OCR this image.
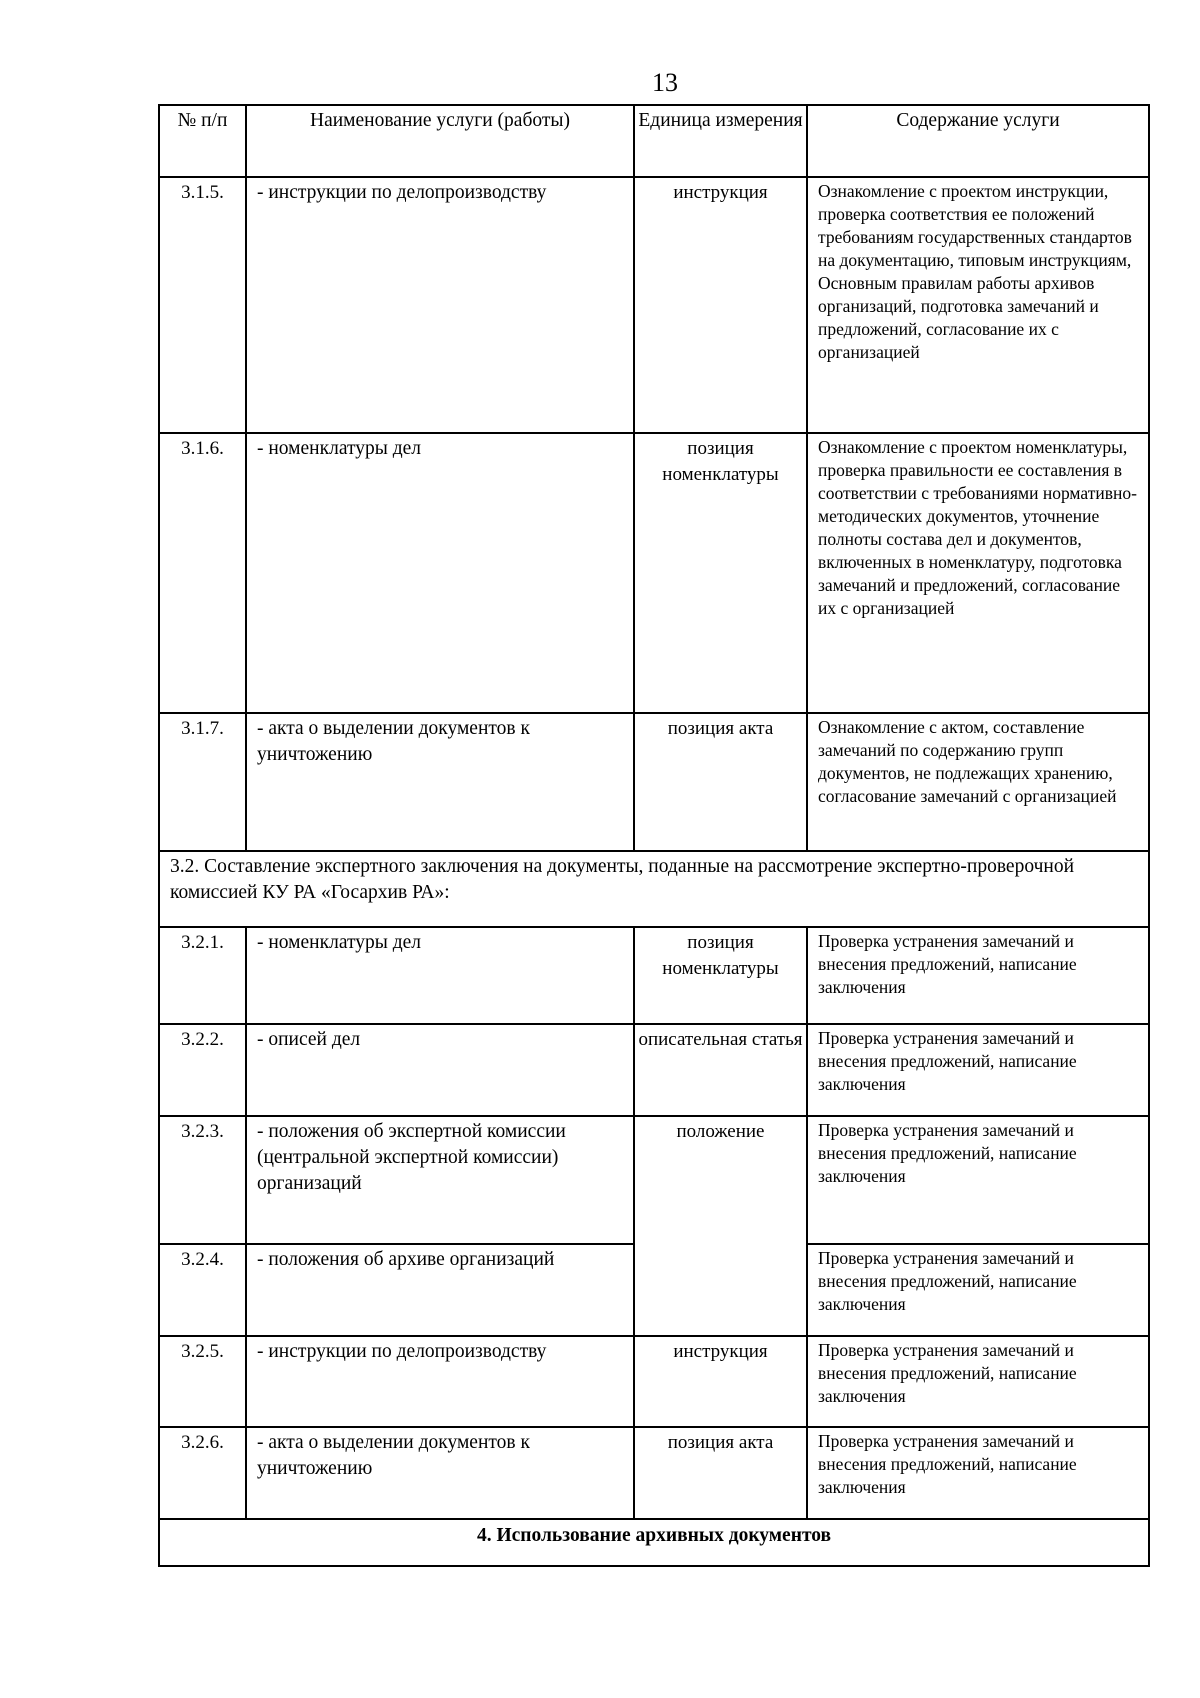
13
№ п/п	Наименование услуги (работы)	Единица измерения	Содержание услуги
3.1.5.	- инструкции по делопроизводству	инструкция	Ознакомление с проектом инструкции, проверка соответствия ее положений требованиям государственных стандартов на документацию, типовым инструкциям, Основным правилам работы архивов организаций, подготовка замечаний и предложений, согласование их с организацией
3.1.6.	- номенклатуры дел	позиция номенклатуры	Ознакомление с проектом номенклатуры, проверка правильности ее составления в соответствии с требованиями нормативно-методических документов, уточнение полноты состава дел и документов, включенных в номенклатуру, подготовка замечаний и предложений, согласование их с организацией
3.1.7.	- акта о выделении документов к уничтожению	позиция акта	Ознакомление с актом, составление замечаний по содержанию групп документов, не подлежащих хранению, согласование замечаний с организацией
3.2. Составление экспертного заключения на документы, поданные на рассмотрение экспертно-проверочной комиссией КУ РА «Госархив РА»:			
3.2.1.	- номенклатуры дел	позиция номенклатуры	Проверка устранения замечаний и внесения предложений, написание заключения
3.2.2.	- описей дел	описательная статья	Проверка устранения замечаний и внесения предложений, написание заключения
3.2.3.	- положения об экспертной комиссии (центральной экспертной комиссии) организаций	положение	Проверка устранения замечаний и внесения предложений, написание заключения
3.2.4.	- положения об архиве организаций		Проверка устранения замечаний и внесения предложений, написание заключения
3.2.5.	- инструкции по делопроизводству	инструкция	Проверка устранения замечаний и внесения предложений, написание заключения
3.2.6.	- акта о выделении документов к уничтожению	позиция акта	Проверка устранения замечаний и внесения предложений, написание заключения
4. Использование архивных документов			
